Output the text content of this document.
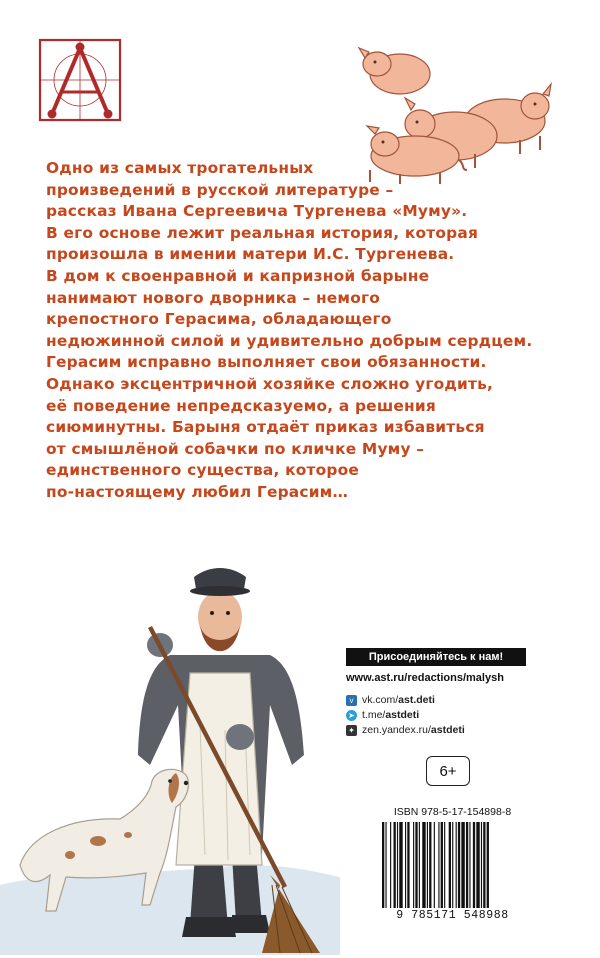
Одно из самых трогательных
произведений в русской литературе –
рассказ Ивана Сергеевича Тургенева «Муму».
В его основе лежит реальная история, которая
произошла в имении матери И.С. Тургенева.
В дом к своенравной и капризной барыне
нанимают нового дворника – немого
крепостного Герасима, обладающего
недюжинной силой и удивительно добрым сердцем.
Герасим исправно выполняет свои обязанности.
Однако эксцентричной хозяйке сложно угодить,
её поведение непредсказуемо, а решения
сиюминутны. Барыня отдаёт приказ избавиться
от смышлёной собачки по кличке Муму –
единственного существа, которое
по-настоящему любил Герасим…
Присоединяйтесь к нам!
www.ast.ru/redactions/malysh
v vk.com/ ast.deti
➤ t.me/ astdeti
✦ zen.yandex.ru/ astdeti
6+
ISBN 978-5-17-154898-8
9 785171 548988
